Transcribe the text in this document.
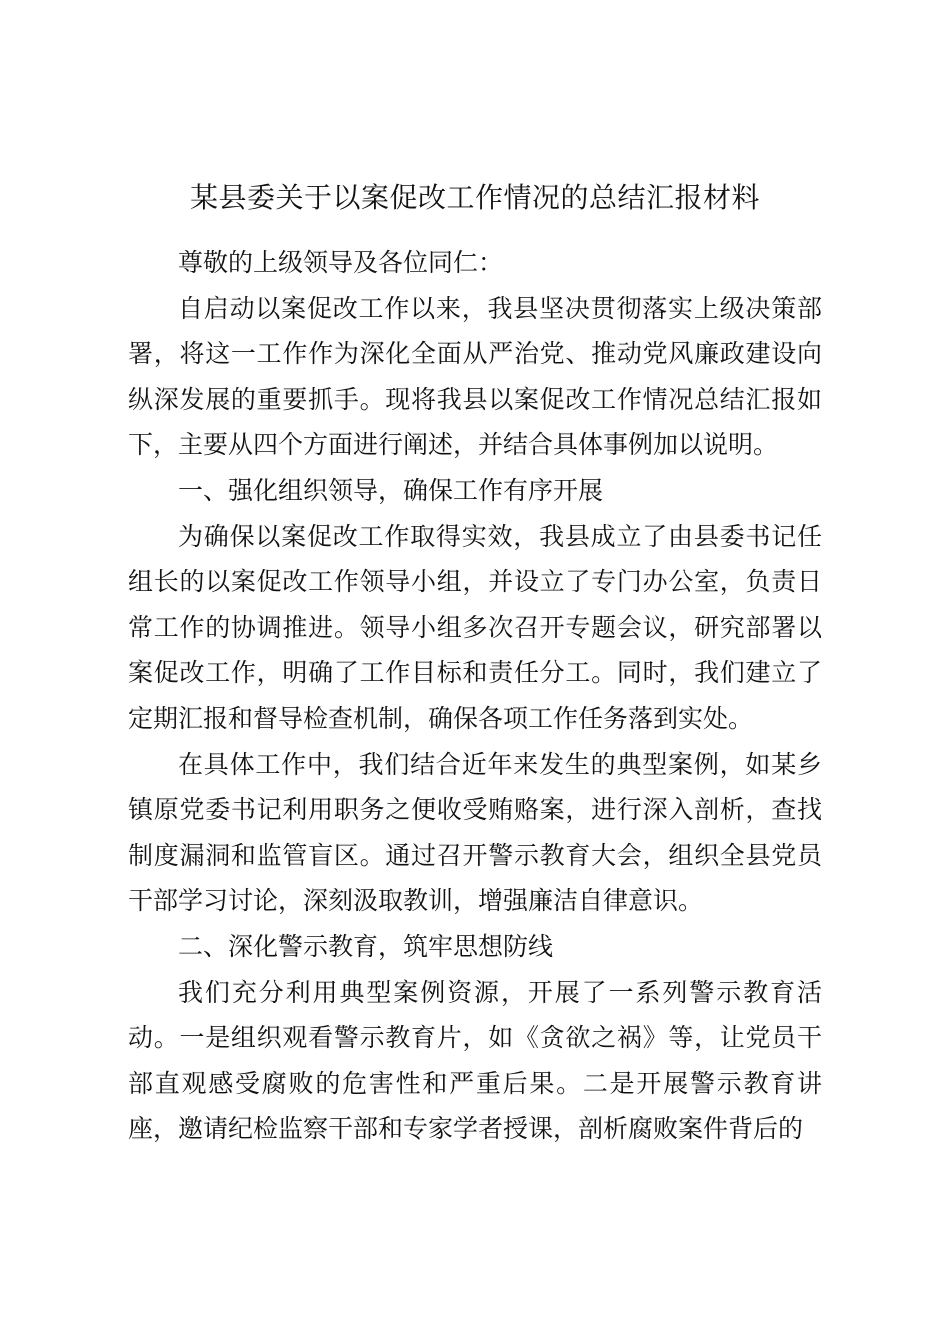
某县委关于以案促改工作情况的总结汇报材料

尊敬的上级领导及各位同仁：

自启动以案促改工作以来，我县坚决贯彻落实上级决策部署，将这一工作作为深化全面从严治党、推动党风廉政建设向纵深发展的重要抓手。现将我县以案促改工作情况总结汇报如下，主要从四个方面进行阐述，并结合具体事例加以说明。

一、强化组织领导，确保工作有序开展

为确保以案促改工作取得实效，我县成立了由县委书记任组长的以案促改工作领导小组，并设立了专门办公室，负责日常工作的协调推进。领导小组多次召开专题会议，研究部署以案促改工作，明确了工作目标和责任分工。同时，我们建立了定期汇报和督导检查机制，确保各项工作任务落到实处。

在具体工作中，我们结合近年来发生的典型案例，如某乡镇原党委书记利用职务之便收受贿赂案，进行深入剖析，查找制度漏洞和监管盲区。通过召开警示教育大会，组织全县党员干部学习讨论，深刻汲取教训，增强廉洁自律意识。

二、深化警示教育，筑牢思想防线

我们充分利用典型案例资源，开展了一系列警示教育活动。一是组织观看警示教育片，如《贪欲之祸》等，让党员干部直观感受腐败的危害性和严重后果。二是开展警示教育讲座，邀请纪检监察干部和专家学者授课，剖析腐败案件背后的
